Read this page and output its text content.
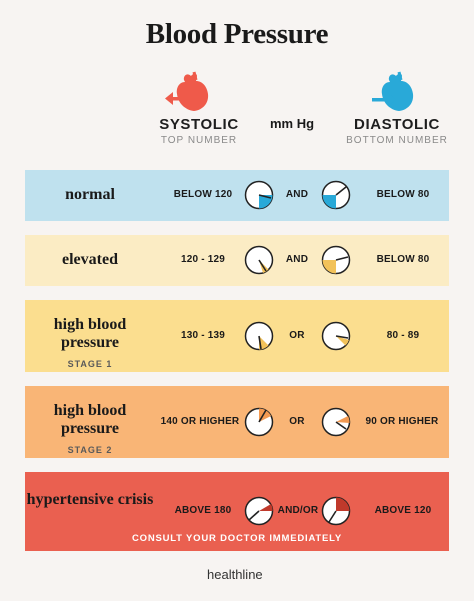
Blood Pressure
SYSTOLIC
TOP NUMBER
mm Hg	DIASTOLIC
BOTTOM NUMBER
normal	BELOW 120	AND	BELOW 80
elevated	120 - 129	AND	BELOW 80
high blood pressure
STAGE 1
130 - 139	OR	80 - 89
high blood pressure
STAGE 2
140 OR HIGHER	OR	90 OR HIGHER
hypertensive crisis
ABOVE 180	AND/OR	ABOVE 120
CONSULT YOUR DOCTOR IMMEDIATELY
healthline
